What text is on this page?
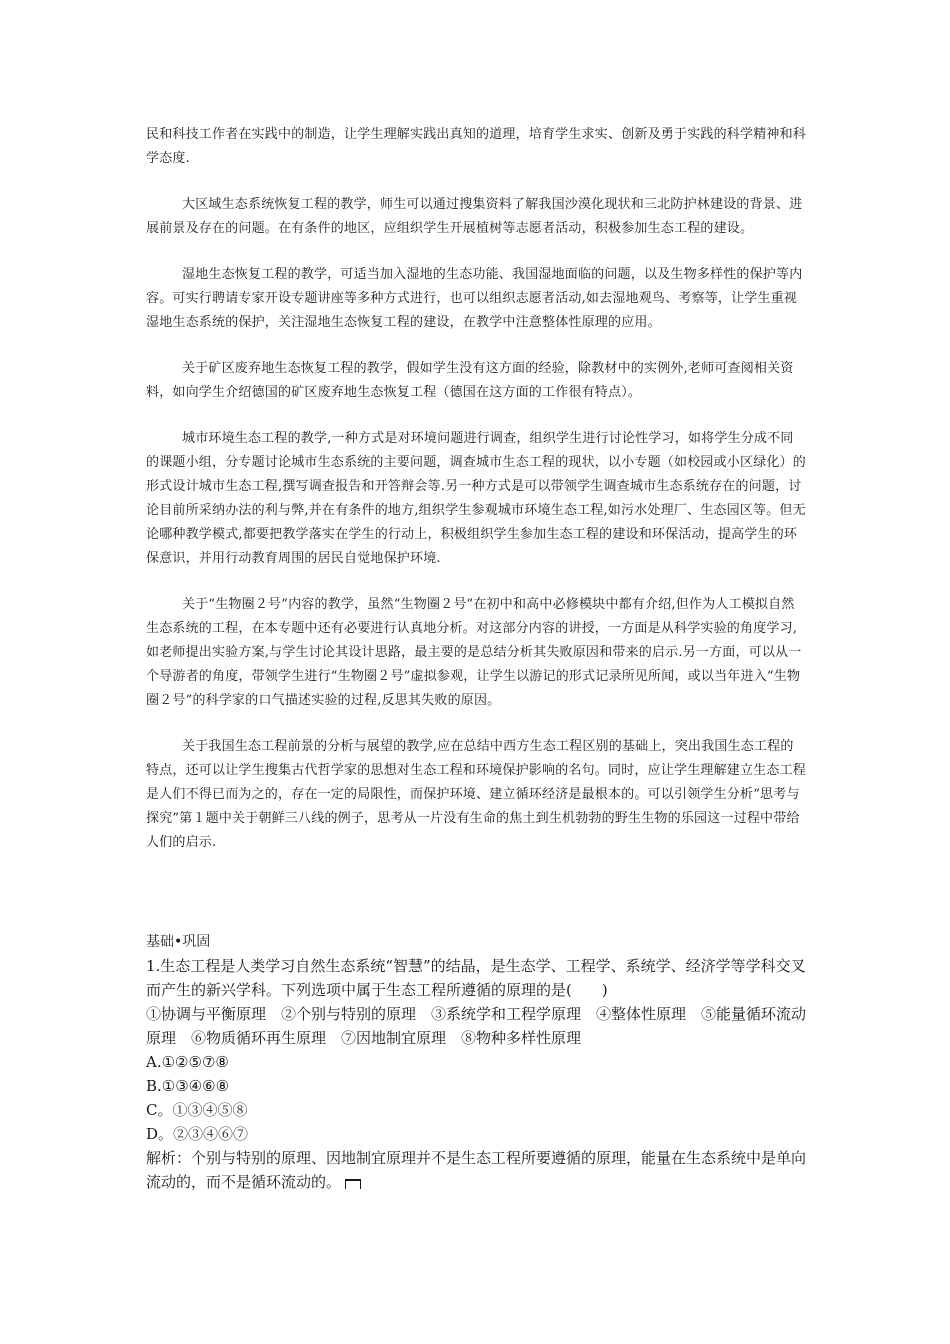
民和科技工作者在实践中的制造，让学生理解实践出真知的道理，培育学生求实、创新及勇于实践的科学精神和科学态度.

大区域生态系统恢复工程的教学，师生可以通过搜集资料了解我国沙漠化现状和三北防护林建设的背景、进展前景及存在的问题。在有条件的地区，应组织学生开展植树等志愿者活动，积极参加生态工程的建设。

湿地生态恢复工程的教学，可适当加入湿地的生态功能、我国湿地面临的问题，以及生物多样性的保护等内容。可实行聘请专家开设专题讲座等多种方式进行，也可以组织志愿者活动,如去湿地观鸟、考察等，让学生重视湿地生态系统的保护，关注湿地生态恢复工程的建设，在教学中注意整体性原理的应用。

关于矿区废弃地生态恢复工程的教学，假如学生没有这方面的经验，除教材中的实例外,老师可查阅相关资料，如向学生介绍德国的矿区废弃地生态恢复工程（德国在这方面的工作很有特点）。

城市环境生态工程的教学,一种方式是对环境问题进行调查，组织学生进行讨论性学习，如将学生分成不同的课题小组，分专题讨论城市生态系统的主要问题，调查城市生态工程的现状，以小专题（如校园或小区绿化）的形式设计城市生态工程,撰写调查报告和开答辩会等.另一种方式是可以带领学生调查城市生态系统存在的问题，讨论目前所采纳办法的利与弊,并在有条件的地方,组织学生参观城市环境生态工程,如污水处理厂、生态园区等。但无论哪种教学模式,都要把教学落实在学生的行动上，积极组织学生参加生态工程的建设和环保活动，提高学生的环保意识，并用行动教育周围的居民自觉地保护环境.

关于“生物圈２号”内容的教学，虽然“生物圈２号”在初中和高中必修模块中都有介绍,但作为人工模拟自然生态系统的工程，在本专题中还有必要进行认真地分析。对这部分内容的讲授，一方面是从科学实验的角度学习,如老师提出实验方案,与学生讨论其设计思路，最主要的是总结分析其失败原因和带来的启示.另一方面，可以从一个导游者的角度，带领学生进行“生物圈２号”虚拟参观，让学生以游记的形式记录所见所闻，或以当年进入“生物圈２号”的科学家的口气描述实验的过程,反思其失败的原因。

关于我国生态工程前景的分析与展望的教学,应在总结中西方生态工程区别的基础上，突出我国生态工程的特点，还可以让学生搜集古代哲学家的思想对生态工程和环境保护影响的名句。同时，应让学生理解建立生态工程是人们不得已而为之的，存在一定的局限性，而保护环境、建立循环经济是最根本的。可以引领学生分析“思考与探究”第１题中关于朝鲜三八线的例子，思考从一片没有生命的焦土到生机勃勃的野生生物的乐园这一过程中带给人们的启示.

基础•巩固

1.生态工程是人类学习自然生态系统“智慧”的结晶，是生态学、工程学、系统学、经济学等学科交叉而产生的新兴学科。下列选项中属于生态工程所遵循的原理的是(　　)

①协调与平衡原理　②个别与特别的原理　③系统学和工程学原理　④整体性原理　⑤能量循环流动原理　⑥物质循环再生原理　⑦因地制宜原理　⑧物种多样性原理

A.①②⑤⑦⑧

B.①③④⑥⑧

C。①③④⑤⑧

D。②③④⑥⑦

解析：个别与特别的原理、因地制宜原理并不是生态工程所要遵循的原理，能量在生态系统中是单向流动的，而不是循环流动的。
